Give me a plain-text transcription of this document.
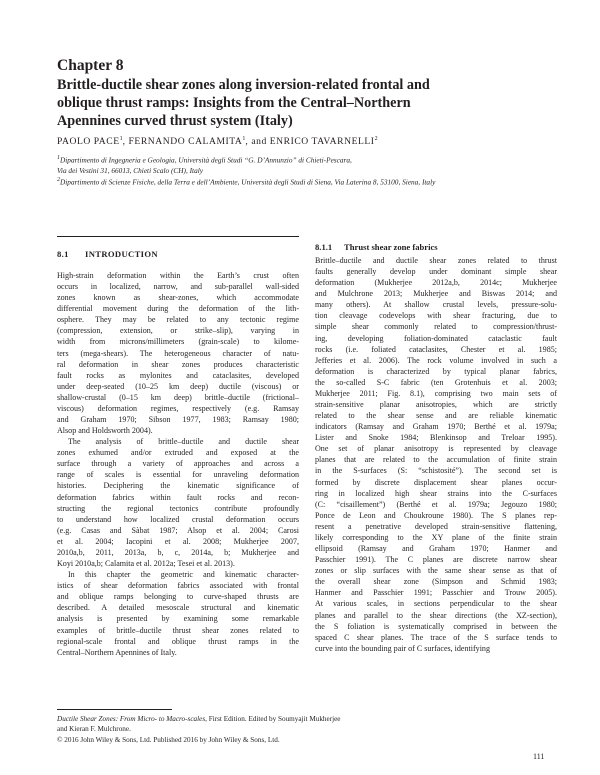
Chapter 8
Brittle-ductile shear zones along inversion-related frontal and
oblique thrust ramps: Insights from the Central–Northern
Apennines curved thrust system (Italy)
PAOLO PACE$^1$, FERNANDO CALAMITA$^1$, and ENRICO TAVARNELLI$^2$
$^1$Dipartimento di Ingegneria e Geologia, Università degli Studi “G. D’Annunzio” di Chieti-Pescara,
Via dei Vestini 31, 66013, Chieti Scalo (CH), Italy
$^2$Dipartimento di Scienze Fisiche, della Terra e dell’Ambiente, Università degli Studi di Siena, Via Laterina 8, 53100, Siena, Italy
8.1 INTRODUCTION
8.1.1 Thrust shear zone fabrics
High-strain deformation within the Earth’s crust often
occurs in localized, narrow, and sub-parallel wall-sided
zones known as shear-zones, which accommodate
differential movement during the deformation of the lith-
osphere. They may be related to any tectonic regime
(compression, extension, or strike–slip), varying in
width from microns/millimeters (grain-scale) to kilome-
ters (mega-shears). The heterogeneous character of natu-
ral deformation in shear zones produces characteristic
fault rocks as mylonites and cataclasites, developed
under deep-seated (10–25 km deep) ductile (viscous) or
shallow-crustal (0–15 km deep) brittle–ductile (frictional–
viscous) deformation regimes, respectively (e.g. Ramsay
and Graham 1970; Sibson 1977, 1983; Ramsay 1980;
Alsop and Holdsworth 2004).
The analysis of brittle–ductile and ductile shear
zones exhumed and/or extruded and exposed at the
surface through a variety of approaches and across a
range of scales is essential for unraveling deformation
histories. Deciphering the kinematic significance of
deformation fabrics within fault rocks and recon-
structing the regional tectonics contribute profoundly
to understand how localized crustal deformation occurs
(e.g. Casas and Sàbat 1987; Alsop et al. 2004; Carosi
et al. 2004; Iacopini et al. 2008; Mukherjee 2007,
2010a,b, 2011, 2013a, b, c, 2014a, b; Mukherjee and
Koyi 2010a,b; Calamita et al. 2012a; Tesei et al. 2013).
In this chapter the geometric and kinematic character-
istics of shear deformation fabrics associated with frontal
and oblique ramps belonging to curve-shaped thrusts are
described. A detailed mesoscale structural and kinematic
analysis is presented by examining some remarkable
examples of brittle–ductile thrust shear zones related to
regional-scale frontal and oblique thrust ramps in the
Central–Northern Apennines of Italy.
Brittle–ductile and ductile shear zones related to thrust
faults generally develop under dominant simple shear
deformation (Mukherjee 2012a,b, 2014c; Mukherjee
and Mulchrone 2013; Mukherjee and Biswas 2014; and
many others). At shallow crustal levels, pressure-solu-
tion cleavage codevelops with shear fracturing, due to
simple shear commonly related to compression/thrust-
ing, developing foliation-dominated cataclastic fault
rocks (i.e. foliated cataclasites, Chester et al. 1985;
Jefferies et al. 2006). The rock volume involved in such a
deformation is characterized by typical planar fabrics,
the so-called S-C fabric (ten Grotenhuis et al. 2003;
Mukherjee 2011; Fig. 8.1), comprising two main sets of
strain-sensitive planar anisotropies, which are strictly
related to the shear sense and are reliable kinematic
indicators (Ramsay and Graham 1970; Berthé et al. 1979a;
Lister and Snoke 1984; Blenkinsop and Treloar 1995).
One set of planar anisotropy is represented by cleavage
planes that are related to the accumulation of finite strain
in the S-surfaces (S: “schistosité”). The second set is
formed by discrete displacement shear planes occur-
ring in localized high shear strains into the C-surfaces
(C: “cisaillement”) (Berthé et al. 1979a; Jegouzo 1980;
Ponce de Leon and Choukroune 1980). The S planes rep-
resent a penetrative developed strain-sensitive flattening,
likely corresponding to the XY plane of the finite strain
ellipsoid (Ramsay and Graham 1970; Hanmer and
Passchier 1991). The C planes are discrete narrow shear
zones or slip surfaces with the same shear sense as that of
the overall shear zone (Simpson and Schmid 1983;
Hanmer and Passchier 1991; Passchier and Trouw 2005).
At various scales, in sections perpendicular to the shear
planes and parallel to the shear directions (the XZ-section),
the S foliation is systematically comprised in between the
spaced C shear planes. The trace of the S surface tends to
curve into the bounding pair of C surfaces, identifying
Ductile Shear Zones: From Micro- to Macro-scales, First Edition. Edited by Soumyajit Mukherjee
and Kieran F. Mulchrone.
© 2016 John Wiley & Sons, Ltd. Published 2016 by John Wiley & Sons, Ltd.
111
